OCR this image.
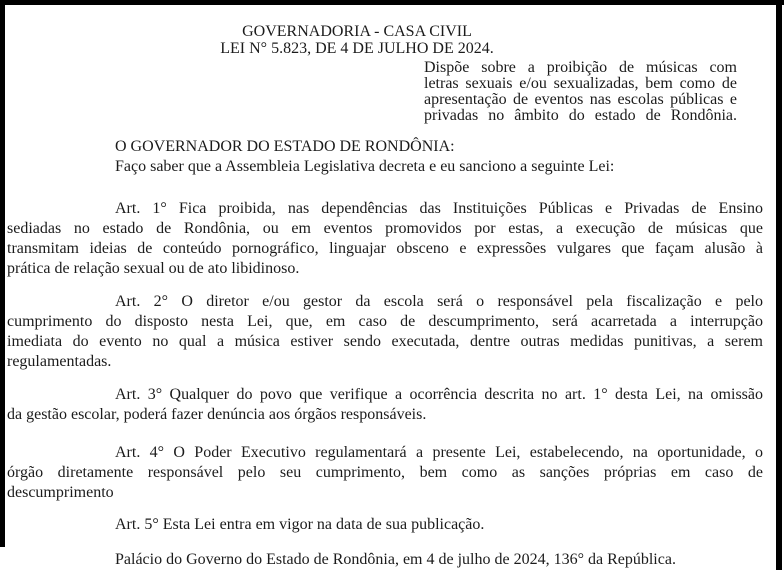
GOVERNADORIA - CASA CIVIL
LEI N° 5.823, DE 4 DE JULHO DE 2024.
Dispõe sobre a proibição de músicas com
letras sexuais e/ou sexualizadas, bem como de
apresentação de eventos nas escolas públicas e
privadas no âmbito do estado de Rondônia.
O GOVERNADOR DO ESTADO DE RONDÔNIA:
Faço saber que a Assembleia Legislativa decreta e eu sanciono a seguinte Lei:
Art. 1° Fica proibida, nas dependências das Instituições Públicas e Privadas de Ensino
sediadas no estado de Rondônia, ou em eventos promovidos por estas, a execução de músicas que
transmitam ideias de conteúdo pornográfico, linguajar obsceno e expressões vulgares que façam alusão à
prática de relação sexual ou de ato libidinoso.
Art. 2° O diretor e/ou gestor da escola será o responsável pela fiscalização e pelo
cumprimento do disposto nesta Lei, que, em caso de descumprimento, será acarretada a interrupção
imediata do evento no qual a música estiver sendo executada, dentre outras medidas punitivas, a serem
regulamentadas.
Art. 3° Qualquer do povo que verifique a ocorrência descrita no art. 1° desta Lei, na omissão
da gestão escolar, poderá fazer denúncia aos órgãos responsáveis.
Art. 4° O Poder Executivo regulamentará a presente Lei, estabelecendo, na oportunidade, o
órgão diretamente responsável pelo seu cumprimento, bem como as sanções próprias em caso de
descumprimento
Art. 5° Esta Lei entra em vigor na data de sua publicação.
Palácio do Governo do Estado de Rondônia, em 4 de julho de 2024, 136° da República.
